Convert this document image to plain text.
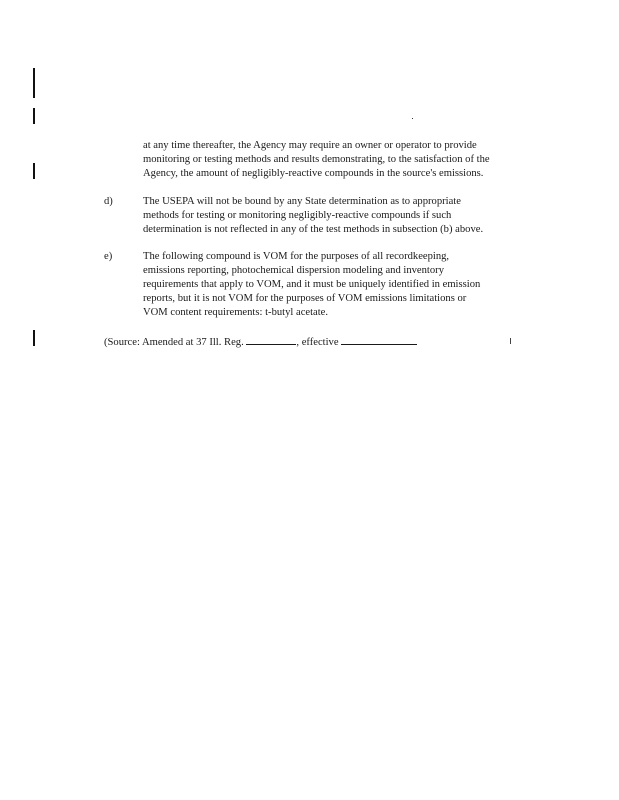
at any time thereafter, the Agency may require an owner or operator to provide
monitoring or testing methods and results demonstrating, to the satisfaction of the
Agency, the amount of negligibly-reactive compounds in the source's emissions.
d)	The USEPA will not be bound by any State determination as to appropriate
methods for testing or monitoring negligibly-reactive compounds if such
determination is not reflected in any of the test methods in subsection (b) above.
e)	The following compound is VOM for the purposes of all recordkeeping,
emissions reporting, photochemical dispersion modeling and inventory
requirements that apply to VOM, and it must be uniquely identified in emission
reports, but it is not VOM for the purposes of VOM emissions limitations or
VOM content requirements: t-butyl acetate.
(Source: Amended at 37 Ill. Reg.	, effective
